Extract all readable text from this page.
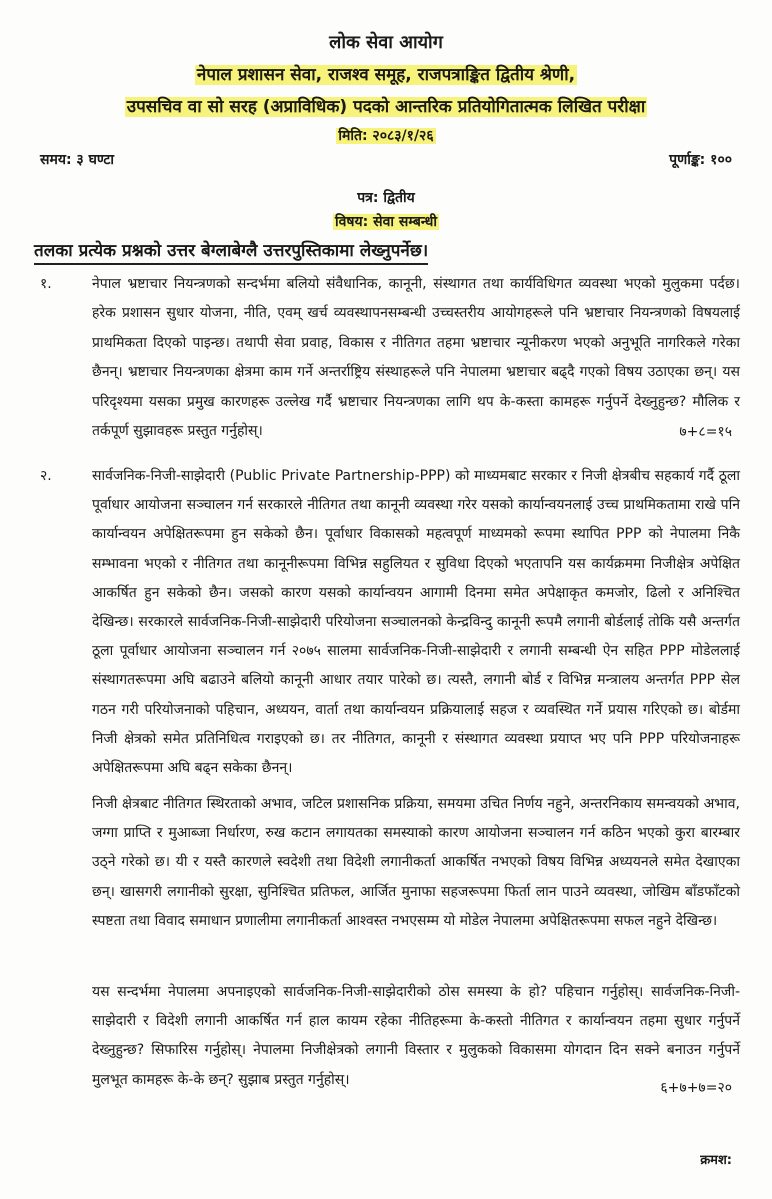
लोक सेवा आयोग
नेपाल प्रशासन सेवा, राजश्व समूह, राजपत्राङ्कित द्वितीय श्रेणी,
उपसचिव वा सो सरह (अप्राविधिक) पदको आन्तरिक प्रतियोगितात्मक लिखित परीक्षा
मिति: २०८३/१/२६
समय: ३ घण्टा	पूर्णाङ्क: १००
पत्र: द्वितीय
विषय: सेवा सम्बन्धी
तलका प्रत्येक प्रश्नको उत्तर बेग्लाबेग्लै उत्तरपुस्तिकामा लेख्नुपर्नेछ।
१.	नेपाल भ्रष्टाचार नियन्त्रणको सन्दर्भमा बलियो संवैधानिक, कानूनी, संस्थागत तथा कार्यविधिगत व्यवस्था भएको मुलुकमा पर्दछ। हरेक प्रशासन सुधार योजना, नीति, एवम् खर्च व्यवस्थापनसम्बन्धी उच्चस्तरीय आयोगहरूले पनि भ्रष्टाचार नियन्त्रणको विषयलाई प्राथमिकता दिएको पाइन्छ। तथापी सेवा प्रवाह, विकास र नीतिगत तहमा भ्रष्टाचार न्यूनीकरण भएको अनुभूति नागरिकले गरेका छैनन्। भ्रष्टाचार नियन्त्रणका क्षेत्रमा काम गर्ने अन्तर्राष्ट्रिय संस्थाहरूले पनि नेपालमा भ्रष्टाचार बढ्दै गएको विषय उठाएका छन्। यस परिदृश्यमा यसका प्रमुख कारणहरू उल्लेख गर्दै भ्रष्टाचार नियन्त्रणका लागि थप के-कस्ता कामहरू गर्नुपर्ने देख्नुहुन्छ? मौलिक र तर्कपूर्ण सुझावहरू प्रस्तुत गर्नुहोस्।	७+८=१५
२.	सार्वजनिक-निजी-साझेदारी (Public Private Partnership-PPP) को माध्यमबाट सरकार र निजी क्षेत्रबीच सहकार्य गर्दै ठूला पूर्वाधार आयोजना सञ्चालन गर्न सरकारले नीतिगत तथा कानूनी व्यवस्था गरेर यसको कार्यान्वयनलाई उच्च प्राथमिकतामा राखे पनि कार्यान्वयन अपेक्षितरूपमा हुन सकेको छैन। पूर्वाधार विकासको महत्वपूर्ण माध्यमको रूपमा स्थापित PPP को नेपालमा निकै सम्भावना भएको र नीतिगत तथा कानूनीरूपमा विभिन्न सहुलियत र सुविधा दिएको भएतापनि यस कार्यक्रममा निजीक्षेत्र अपेक्षित आकर्षित हुन सकेको छैन। जसको कारण यसको कार्यान्वयन आगामी दिनमा समेत अपेक्षाकृत कमजोर, ढिलो र अनिश्चित देखिन्छ। सरकारले सार्वजनिक-निजी-साझेदारी परियोजना सञ्चालनको केन्द्रविन्दु कानूनी रूपमै लगानी बोर्डलाई तोकि यसै अन्तर्गत ठूला पूर्वाधार आयोजना सञ्चालन गर्न २०७५ सालमा सार्वजनिक-निजी-साझेदारी र लगानी सम्बन्धी ऐन सहित PPP मोडेललाई संस्थागतरूपमा अघि बढाउने बलियो कानूनी आधार तयार पारेको छ। त्यस्तै, लगानी बोर्ड र विभिन्न मन्त्रालय अन्तर्गत PPP सेल गठन गरी परियोजनाको पहिचान, अध्ययन, वार्ता तथा कार्यान्वयन प्रक्रियालाई सहज र व्यवस्थित गर्ने प्रयास गरिएको छ। बोर्डमा निजी क्षेत्रको समेत प्रतिनिधित्व गराइएको छ। तर नीतिगत, कानूनी र संस्थागत व्यवस्था प्रयाप्त भए पनि PPP परियोजनाहरू अपेक्षितरूपमा अघि बढ्न सकेका छैनन्।
निजी क्षेत्रबाट नीतिगत स्थिरताको अभाव, जटिल प्रशासनिक प्रक्रिया, समयमा उचित निर्णय नहुने, अन्तरनिकाय समन्वयको अभाव, जग्गा प्राप्ति र मुआब्जा निर्धारण, रुख कटान लगायतका समस्याको कारण आयोजना सञ्चालन गर्न कठिन भएको कुरा बारम्बार उठ्ने गरेको छ। यी र यस्तै कारणले स्वदेशी तथा विदेशी लगानीकर्ता आकर्षित नभएको विषय विभिन्न अध्ययनले समेत देखाएका छन्। खासगरी लगानीको सुरक्षा, सुनिश्चित प्रतिफल, आर्जित मुनाफा सहजरूपमा फिर्ता लान पाउने व्यवस्था, जोखिम बाँडफाँटको स्पष्टता तथा विवाद समाधान प्रणालीमा लगानीकर्ता आश्वस्त नभएसम्म यो मोडेल नेपालमा अपेक्षितरूपमा सफल नहुने देखिन्छ।
यस सन्दर्भमा नेपालमा अपनाइएको सार्वजनिक-निजी-साझेदारीको ठोस समस्या के हो? पहिचान गर्नुहोस्। सार्वजनिक-निजी-साझेदारी र विदेशी लगानी आकर्षित गर्न हाल कायम रहेका नीतिहरूमा के-कस्तो नीतिगत र कार्यान्वयन तहमा सुधार गर्नुपर्ने देख्नुहुन्छ? सिफारिस गर्नुहोस्। नेपालमा निजीक्षेत्रको लगानी विस्तार र मुलुकको विकासमा योगदान दिन सक्ने बनाउन गर्नुपर्ने मुलभूत कामहरू के-के छन्? सुझाब प्रस्तुत गर्नुहोस्।
६+७+७=२०
क्रमश:
